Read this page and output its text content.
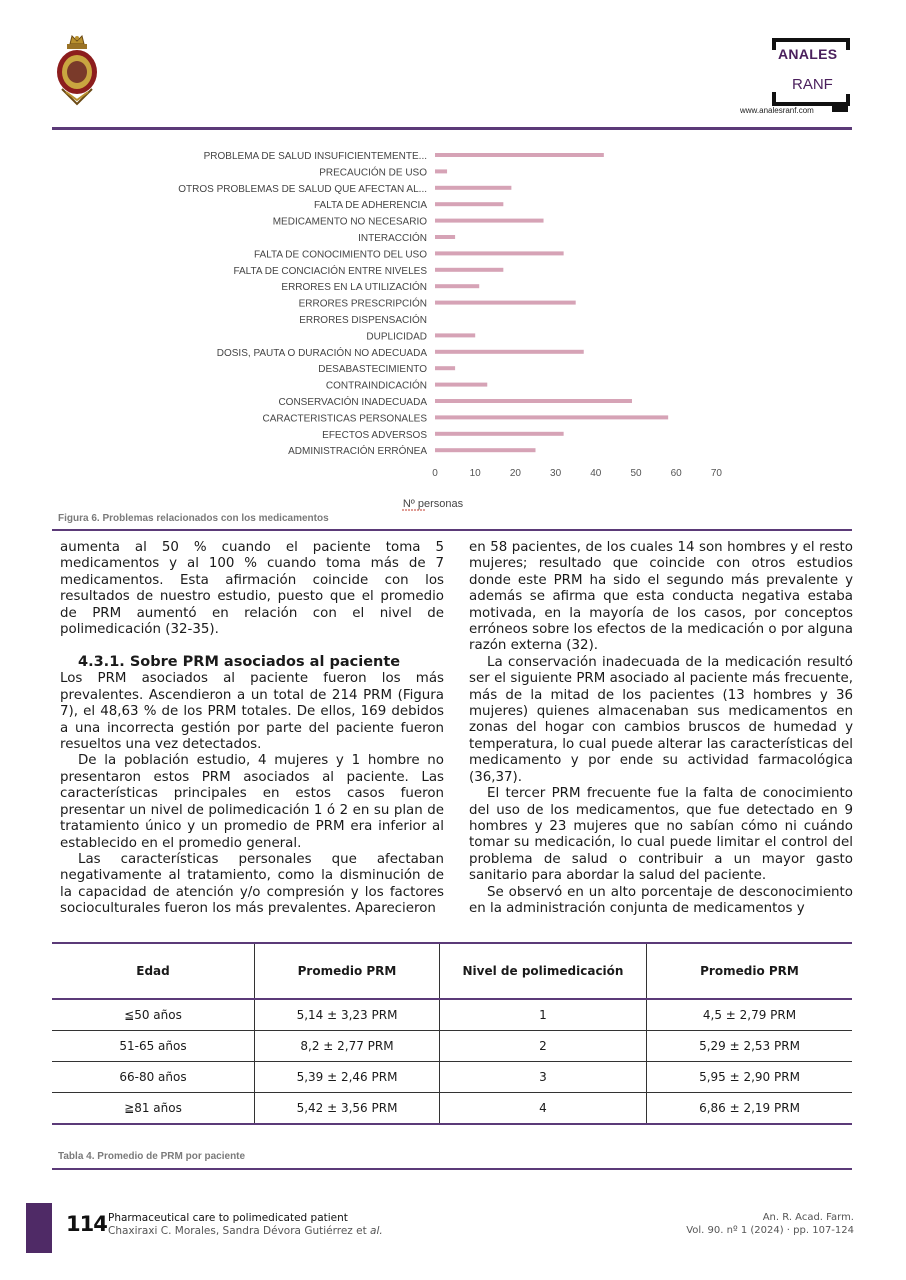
ANALES
RANF
www.analesranf.com
PROBLEMA DE SALUD INSUFICIENTEMENTE...
PRECAUCIÓN DE USO
OTROS PROBLEMAS DE SALUD QUE AFECTAN AL...
FALTA DE ADHERENCIA
MEDICAMENTO NO NECESARIO
INTERACCIÓN
FALTA DE CONOCIMIENTO DEL USO
FALTA DE CONCIACIÓN ENTRE NIVELES
ERRORES EN LA UTILIZACIÓN
ERRORES PRESCRIPCIÓN
ERRORES DISPENSACIÓN
DUPLICIDAD
DOSIS, PAUTA O DURACIÓN NO ADECUADA
DESABASTECIMIENTO
CONTRAINDICACIÓN
CONSERVACIÓN INADECUADA
CARACTERISTICAS PERSONALES
EFECTOS ADVERSOS
ADMINISTRACIÓN ERRÓNEA
0	10	20	30	40	50	60	70
Nº personas
Figura 6. Problemas relacionados con los medicamentos

aumenta al 50 % cuando el paciente toma 5 medicamentos y al 100 % cuando toma más de 7 medicamentos. Esta afirmación coincide con los resultados de nuestro estudio, puesto que el promedio de PRM aumentó en relación con el nivel de polimedicación (32-35).

4.3.1. Sobre PRM asociados al paciente

Los PRM asociados al paciente fueron los más prevalentes. Ascendieron a un total de 214 PRM (Figura 7), el 48,63 % de los PRM totales. De ellos, 169 debidos a una incorrecta gestión por parte del paciente fueron resueltos una vez detectados.

De la población estudio, 4 mujeres y 1 hombre no presentaron estos PRM asociados al paciente. Las características principales en estos casos fueron presentar un nivel de polimedicación 1 ó 2 en su plan de tratamiento único y un promedio de PRM era inferior al establecido en el promedio general.

Las características personales que afectaban negativamente al tratamiento, como la disminución de la capacidad de atención y/o compresión y los factores socioculturales fueron los más prevalentes. Aparecieron

en 58 pacientes, de los cuales 14 son hombres y el resto mujeres; resultado que coincide con otros estudios donde este PRM ha sido el segundo más prevalente y además se afirma que esta conducta negativa estaba motivada, en la mayoría de los casos, por conceptos erróneos sobre los efectos de la medicación o por alguna razón externa (32).

La conservación inadecuada de la medicación resultó ser el siguiente PRM asociado al paciente más frecuente, más de la mitad de los pacientes (13 hombres y 36 mujeres) quienes almacenaban sus medicamentos en zonas del hogar con cambios bruscos de humedad y temperatura, lo cual puede alterar las características del medicamento y por ende su actividad farmacológica (36,37).

El tercer PRM frecuente fue la falta de conocimiento del uso de los medicamentos, que fue detectado en 9 hombres y 23 mujeres que no sabían cómo ni cuándo tomar su medicación, lo cual puede limitar el control del problema de salud o contribuir a un mayor gasto sanitario para abordar la salud del paciente.

Se observó en un alto porcentaje de desconocimiento en la administración conjunta de medicamentos y

Edad	Promedio PRM	Nivel de polimedicación	Promedio PRM
≦50 años	5,14 ± 3,23 PRM	1	4,5 ± 2,79 PRM
51-65 años	8,2 ± 2,77 PRM	2	5,29 ± 2,53 PRM
66-80 años	5,39 ± 2,46 PRM	3	5,95 ± 2,90 PRM
≧81 años	5,42 ± 3,56 PRM	4	6,86 ± 2,19 PRM
Tabla 4. Promedio de PRM por paciente
114 Pharmaceutical care to polimedicated patient
Chaxiraxi C. Morales, Sandra Dévora Gutiérrez et al.
An. R. Acad. Farm.
Vol. 90. nº 1 (2024) · pp. 107-124
